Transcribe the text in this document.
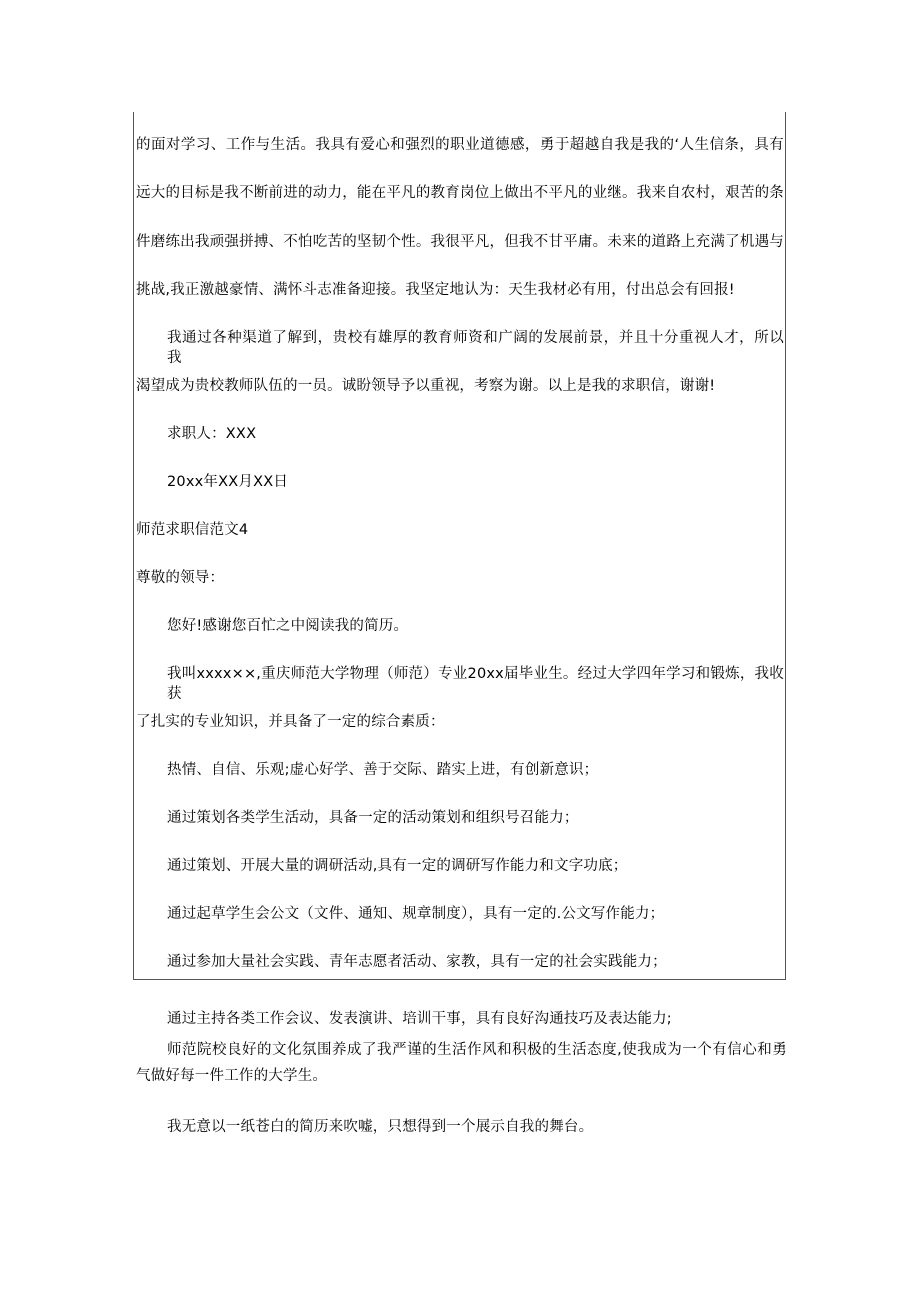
的面对学习、工作与生活。我具有爱心和强烈的职业道德感，勇于超越自我是我的‘人生信条，具有
远大的目标是我不断前进的动力，能在平凡的教育岗位上做出不平凡的业继。我来自农村，艰苦的条
件磨练出我顽强拼搏、不怕吃苦的坚韧个性。我很平凡，但我不甘平庸。未来的道路上充满了机遇与
挑战,我正激越豪情、满怀斗志准备迎接。我坚定地认为：天生我材必有用，付出总会有回报!
我通过各种渠道了解到，贵校有雄厚的教育师资和广阔的发展前景，并且十分重视人才，所以我
渴望成为贵校教师队伍的一员。诚盼领导予以重视，考察为谢。以上是我的求职信，谢谢!
求职人：XXX
20xx年XX月XX日
师范求职信范文4
尊敬的领导：
您好!感谢您百忙之中阅读我的简历。
我叫xxxx××,重庆师范大学物理（师范）专业20xx届毕业生。经过大学四年学习和锻炼，我收获
了扎实的专业知识，并具备了一定的综合素质：
热情、自信、乐观;虚心好学、善于交际、踏实上进，有创新意识；
通过策划各类学生活动，具备一定的活动策划和组织号召能力；
通过策划、开展大量的调研活动,具有一定的调研写作能力和文字功底；
通过起草学生会公文（文件、通知、规章制度），具有一定的.公文写作能力；
通过参加大量社会实践、青年志愿者活动、家教，具有一定的社会实践能力；
通过主持各类工作会议、发表演讲、培训干事，具有良好沟通技巧及表达能力;
师范院校良好的文化氛围养成了我严谨的生活作风和积极的生活态度,使我成为一个有信心和勇
气做好每一件工作的大学生。
我无意以一纸苍白的简历来吹嘘，只想得到一个展示自我的舞台。
